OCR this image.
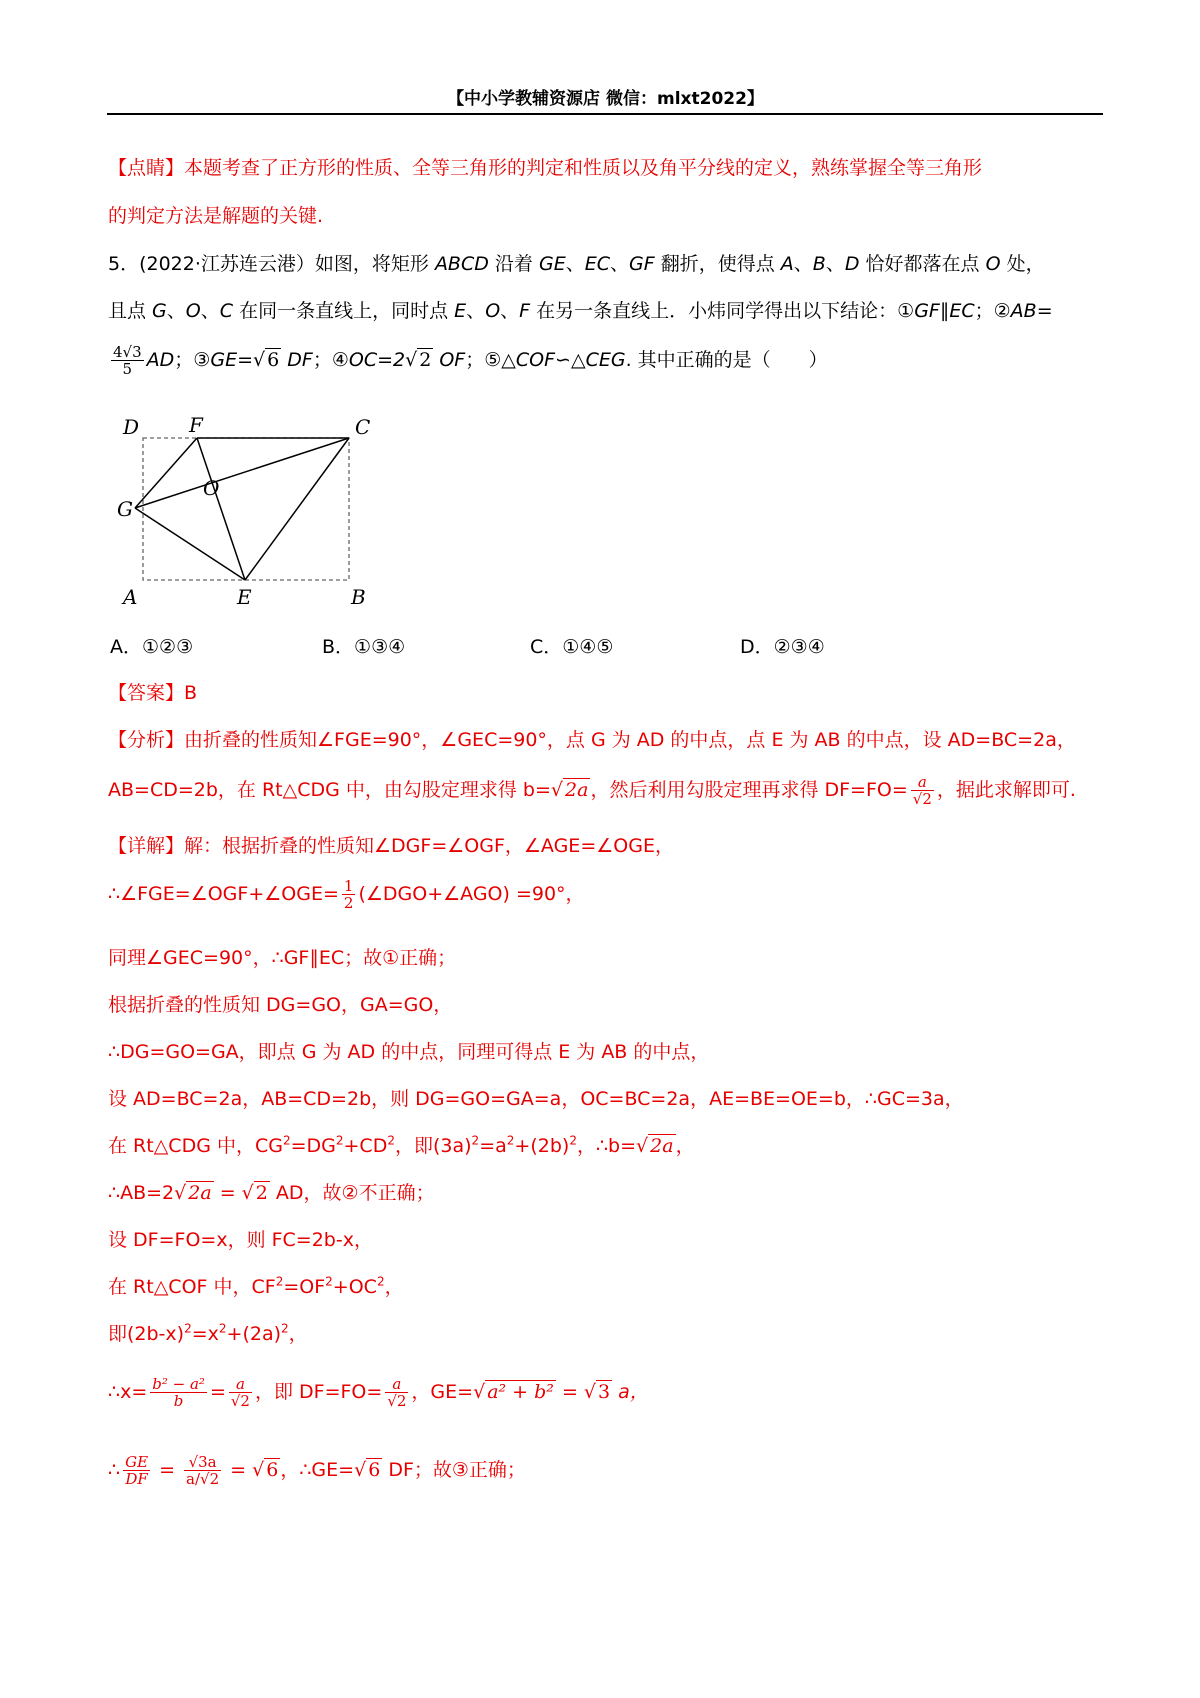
【中小学教辅资源店 微信：mlxt2022】
【点睛】本题考查了正方形的性质、全等三角形的判定和性质以及角平分线的定义，熟练掌握全等三角形
的判定方法是解题的关键.
5．(2022·江苏连云港）如图，将矩形 ABCD 沿着 GE、EC、GF 翻折，使得点 A、B、D 恰好都落在点 O 处，
且点 G、O、C 在同一条直线上，同时点 E、O、F 在另一条直线上．小炜同学得出以下结论：①GF∥EC；②AB=
$\frac{4√3}{5}$ AD；③GE=√ 6 DF；④OC=2√ 2 OF；⑤△COF∽△CEG. 其中正确的是（　　）
D F	C
O
G
A	E	B
A．①②③	B．①③④	C．①④⑤	D．②③④
【答案】B
【分析】由折叠的性质知∠FGE=90°，∠GEC=90°，点 G 为 AD 的中点，点 E 为 AB 的中点，设 AD=BC=2a，
AB=CD=2b，在 Rt△CDG 中，由勾股定理求得 b=√ 2a ，然后利用勾股定理再求得 $DF=FO= \frac{a}{√2}$ ，据此求解即可.
【详解】解：根据折叠的性质知∠DGF=∠OGF，∠AGE=∠OGE，
∴∠FGE=∠OGF+∠OGE= $\frac{1}{2}$ (∠DGO+∠AGO) =90°，
同理∠GEC=90°，∴GF∥EC；故①正确；
根据折叠的性质知 DG=GO，GA=GO，
∴DG=GO=GA，即点 G 为 AD 的中点，同理可得点 E 为 AB 的中点，
设 AD=BC=2a，AB=CD=2b，则 DG=GO=GA=a，OC=BC=2a，AE=BE=OE=b，∴GC=3a，
在 Rt△CDG 中，$CG^2=DG^2+CD^2$，即$(3a)^2=a^2+(2b)^2$，∴b=√ 2a ，
∴AB=2√ 2a = √ 2 AD，故②不正确；
设 DF=FO=x，则 FC=2b-x，
在 Rt△COF 中，$CF^2=OF^2+OC^2$，
即$(2b-x)^2=x^2+(2a)^2$，
∴x= $\frac{\text{b² − a²}}{b} = \frac{a}{√2}$ ，即 $DF=FO= \frac{a}{√2}$ ，GE=√ a² + b² = √ 3 a，
∴ $\frac{GE}{DF} = \frac{√3a}{a/√2}$ = √ 6 ，∴GE=√ 6 DF；故③正确；
